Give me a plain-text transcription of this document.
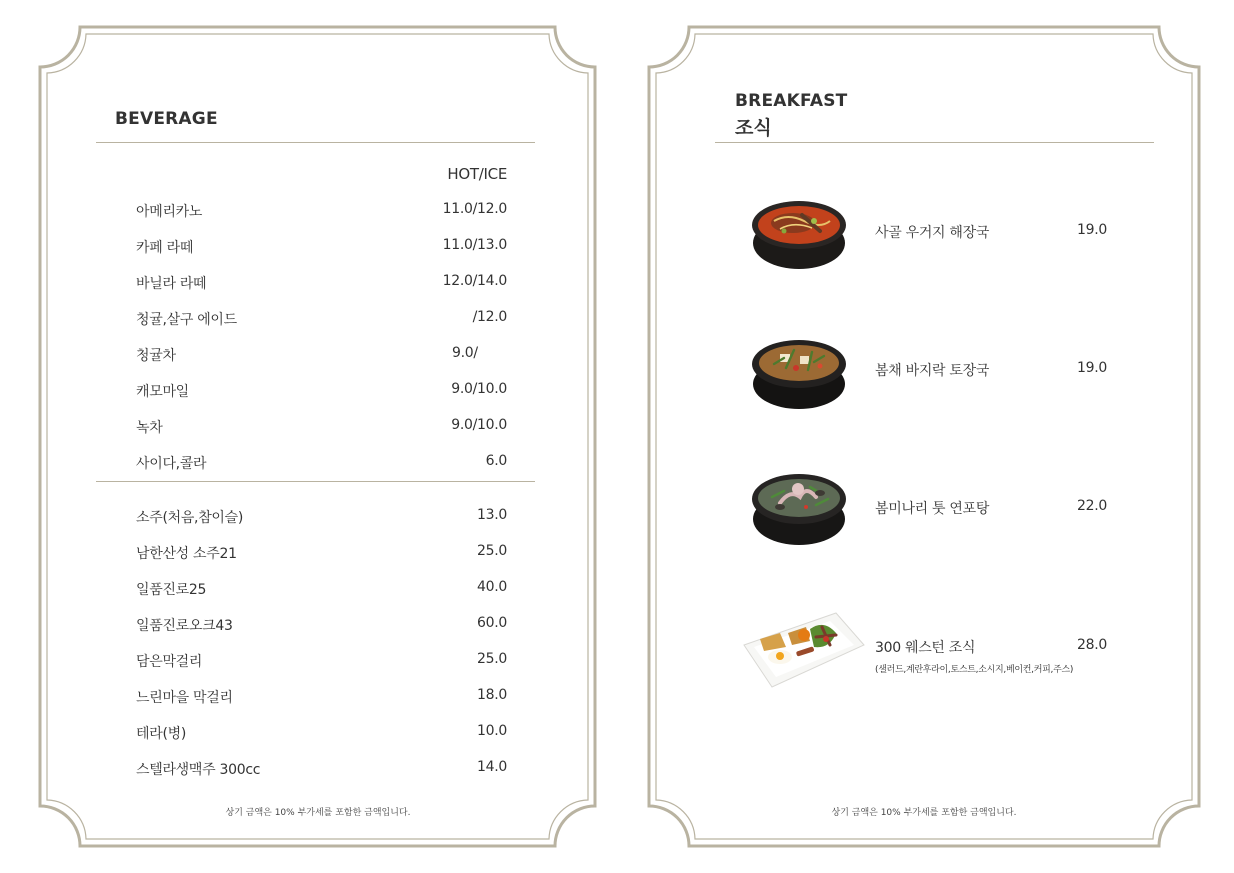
BEVERAGE
HOT/ICE
아메리카노	11.0/12.0
카페 라떼	11.0/13.0
바닐라 라떼	12.0/14.0
청귤,살구 에이드	/12.0
청귤차	9.0/
캐모마일	9.0/10.0
녹차	9.0/10.0
사이다,콜라	6.0
소주(처음,참이슬)	13.0
남한산성 소주21	25.0
일품진로25	40.0
일품진로오크43	60.0
담은막걸리	25.0
느린마을 막걸리	18.0
테라(병)	10.0
스텔라생맥주 300cc	14.0
상기 금액은 10% 부가세를 포함한 금액입니다.
BREAKFAST
조식
사골 우거지 해장국	19.0
봄채 바지락 토장국	19.0
봄미나리 툿 연포탕	22.0
300 웨스턴 조식	28.0
(샐러드,계란후라이,토스트,소시지,베이컨,커피,주스)
상기 금액은 10% 부가세를 포함한 금액입니다.
